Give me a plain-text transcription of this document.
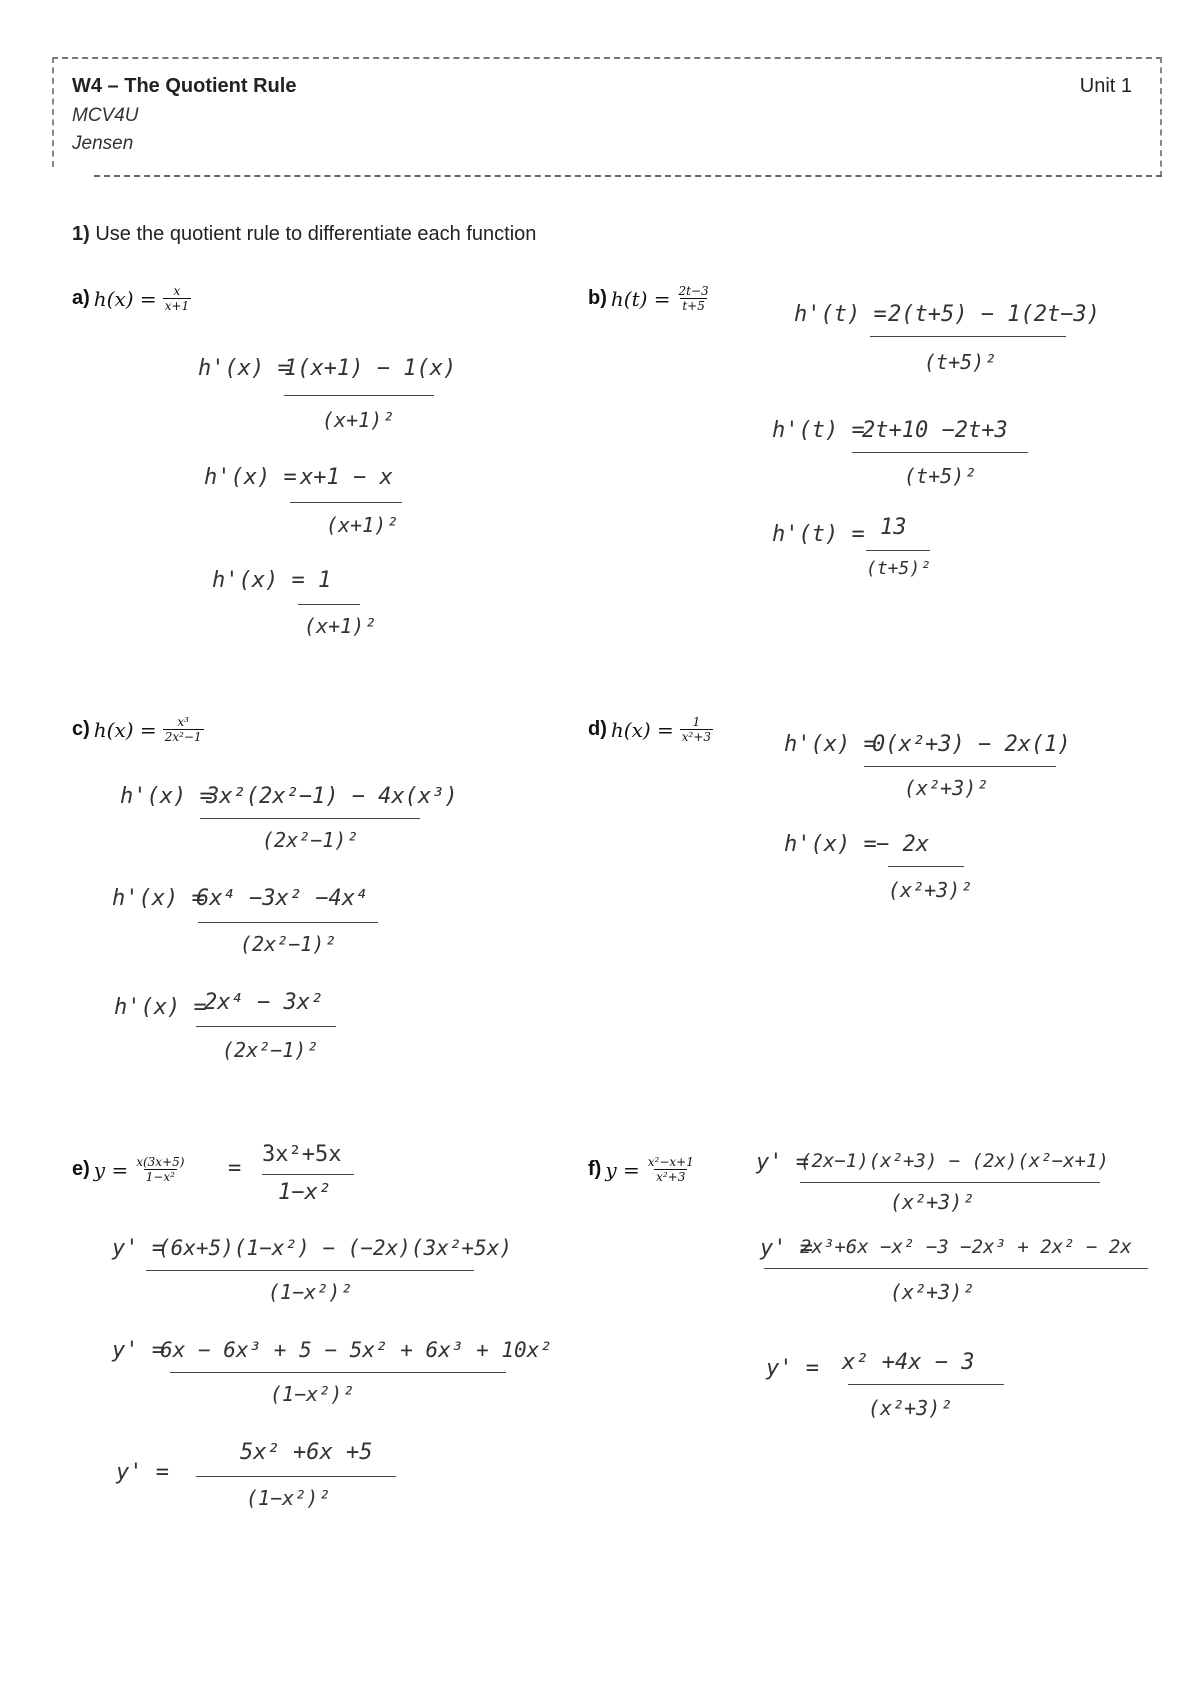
W4 – The Quotient Rule	Unit 1
MCV4U
Jensen
1) Use the quotient rule to differentiate each function
a) $h(x) = \frac{x}{x+1}$	b) $h(t) = \frac{2t-3}{t+5}$
c) $h(x) = \frac{\text{x³}}{\text{2x²−1}}$	d) $h(x) = \frac{1}{\text{x²+3}}$
e) $y = \frac{x(3x+5)}{\text{1−x²}}$	f) $y = \frac{\text{x²−x+1}}{\text{x²+3}}$
h'(x) =
1(x+1) − 1(x)
(x+1)²
h'(x) = x+1 − x
(x+1)²
h'(x) = 1
(x+1)²
h'(t) = 2(t+5) − 1(2t−3)
(t+5)²
h'(t) =
2t+10 −2t+3
(t+5)²
h'(t) = 13
(t+5)²
h'(x) =
3x²(2x²−1) − 4x(x³)
(2x²−1)²
h'(x) =
6x⁴ −3x² −4x⁴
(2x²−1)²
h'(x) =
2x⁴ − 3x²
(2x²−1)²
h'(x) =
0(x²+3) − 2x(1)
(x²+3)²
h'(x) = − 2x
(x²+3)²
=
3x²+5x
1−x²
y' =
(6x+5)(1−x²) − (−2x)(3x²+5x)
(1−x²)²
y' =
6x − 6x³ + 5 − 5x² + 6x³ + 10x²
(1−x²)²
y' =
5x² +6x +5
(1−x²)²
y' =
(2x−1)(x²+3) − (2x)(x²−x+1)
(x²+3)²
y' =
2x³+6x −x² −3 −2x³ + 2x² − 2x
(x²+3)²
y' = x² +4x − 3
(x²+3)²
